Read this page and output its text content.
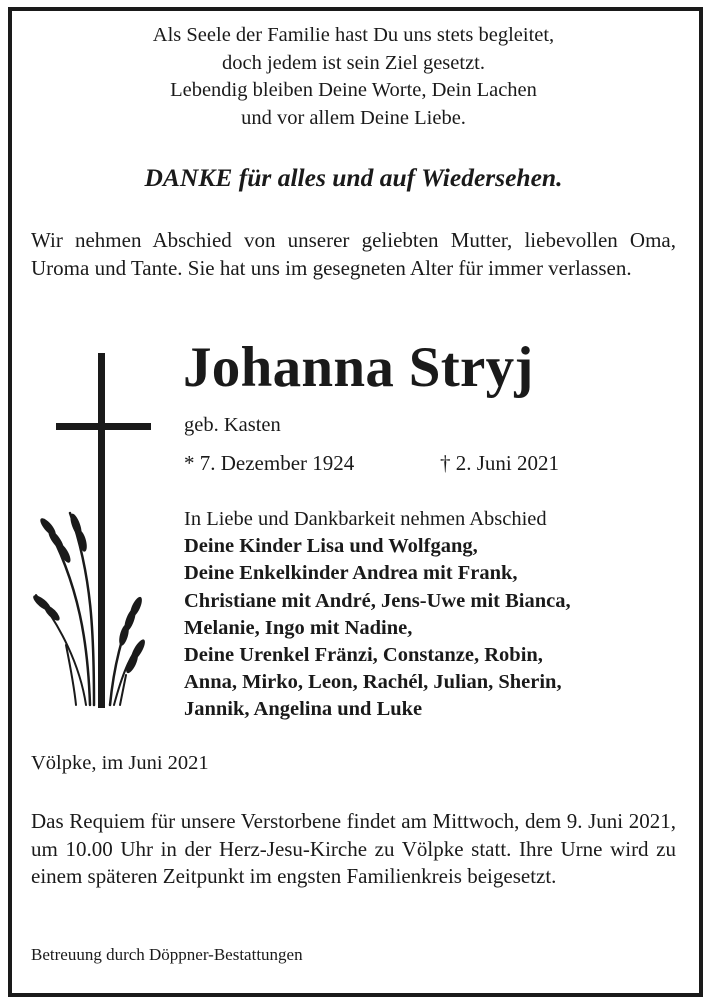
Als Seele der Familie hast Du uns stets begleitet,
doch jedem ist sein Ziel gesetzt.
Lebendig bleiben Deine Worte, Dein Lachen
und vor allem Deine Liebe.
DANKE für alles und auf Wiedersehen.
Wir nehmen Abschied von unserer geliebten Mutter, liebevollen Oma, Uroma und Tante. Sie hat uns im gesegneten Alter für immer verlassen.
Johanna Stryj
geb. Kasten
* 7. Dezember 1924	† 2. Juni 2021
In Liebe und Dankbarkeit nehmen Abschied
Deine Kinder Lisa und Wolfgang,
Deine Enkelkinder Andrea mit Frank,
Christiane mit André, Jens-Uwe mit Bianca,
Melanie, Ingo mit Nadine,
Deine Urenkel Fränzi, Constanze, Robin,
Anna, Mirko, Leon, Rachél, Julian, Sherin,
Jannik, Angelina und Luke
Völpke, im Juni 2021
Das Requiem für unsere Verstorbene findet am Mittwoch, dem 9. Juni 2021, um 10.00 Uhr in der Herz-Jesu-Kirche zu Völpke statt. Ihre Urne wird zu einem späteren Zeitpunkt im engsten Familienkreis beigesetzt.
Betreuung durch Döppner-Bestattungen
